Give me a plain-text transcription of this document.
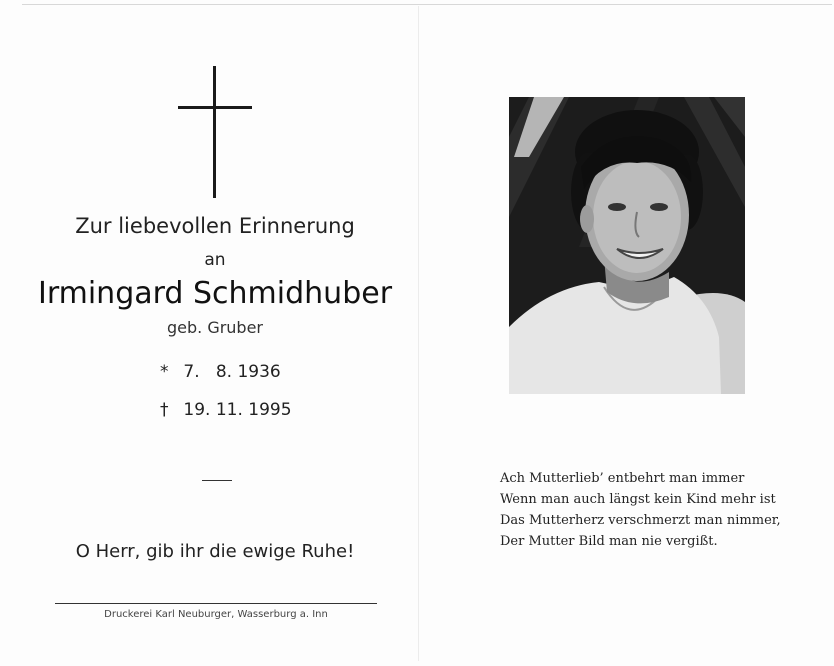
Zur liebevollen Erinnerung
an
Irmingard Schmidhuber
geb. Gruber
* 7.   8. 1936
† 19. 11. 1995
O Herr, gib ihr die ewige Ruhe!
Druckerei Karl Neuburger, Wasserburg a. Inn
Ach Mutterlieb’ entbehrt man immer
Wenn man auch längst kein Kind mehr ist
Das Mutterherz verschmerzt man nimmer,
Der Mutter Bild man nie vergißt.
